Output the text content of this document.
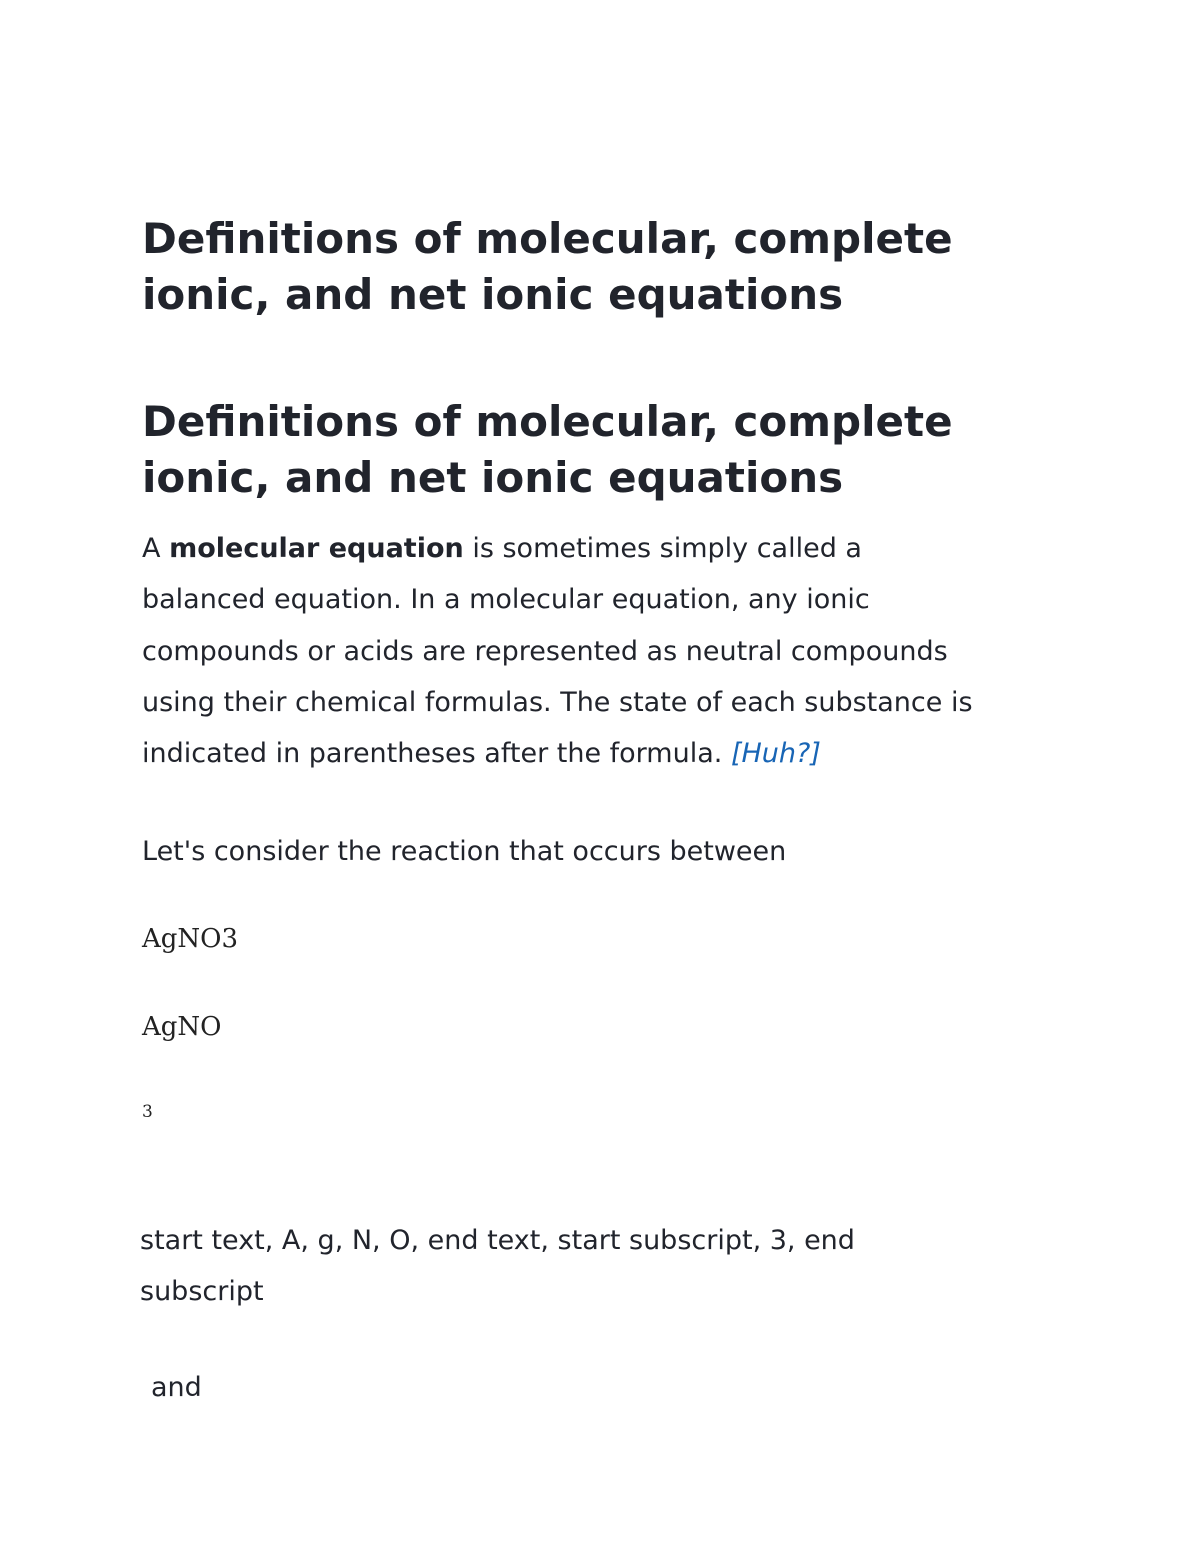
Definitions of molecular, complete
ionic, and net ionic equations
Definitions of molecular, complete
ionic, and net ionic equations

A molecular equation is sometimes simply called a
balanced equation. In a molecular equation, any ionic
compounds or acids are represented as neutral compounds
using their chemical formulas. The state of each substance is
indicated in parentheses after the formula. [Huh?]

Let's consider the reaction that occurs between

AgNO3

AgNO

3

start text, A, g, N, O, end text, start subscript, 3, end
subscript

and
